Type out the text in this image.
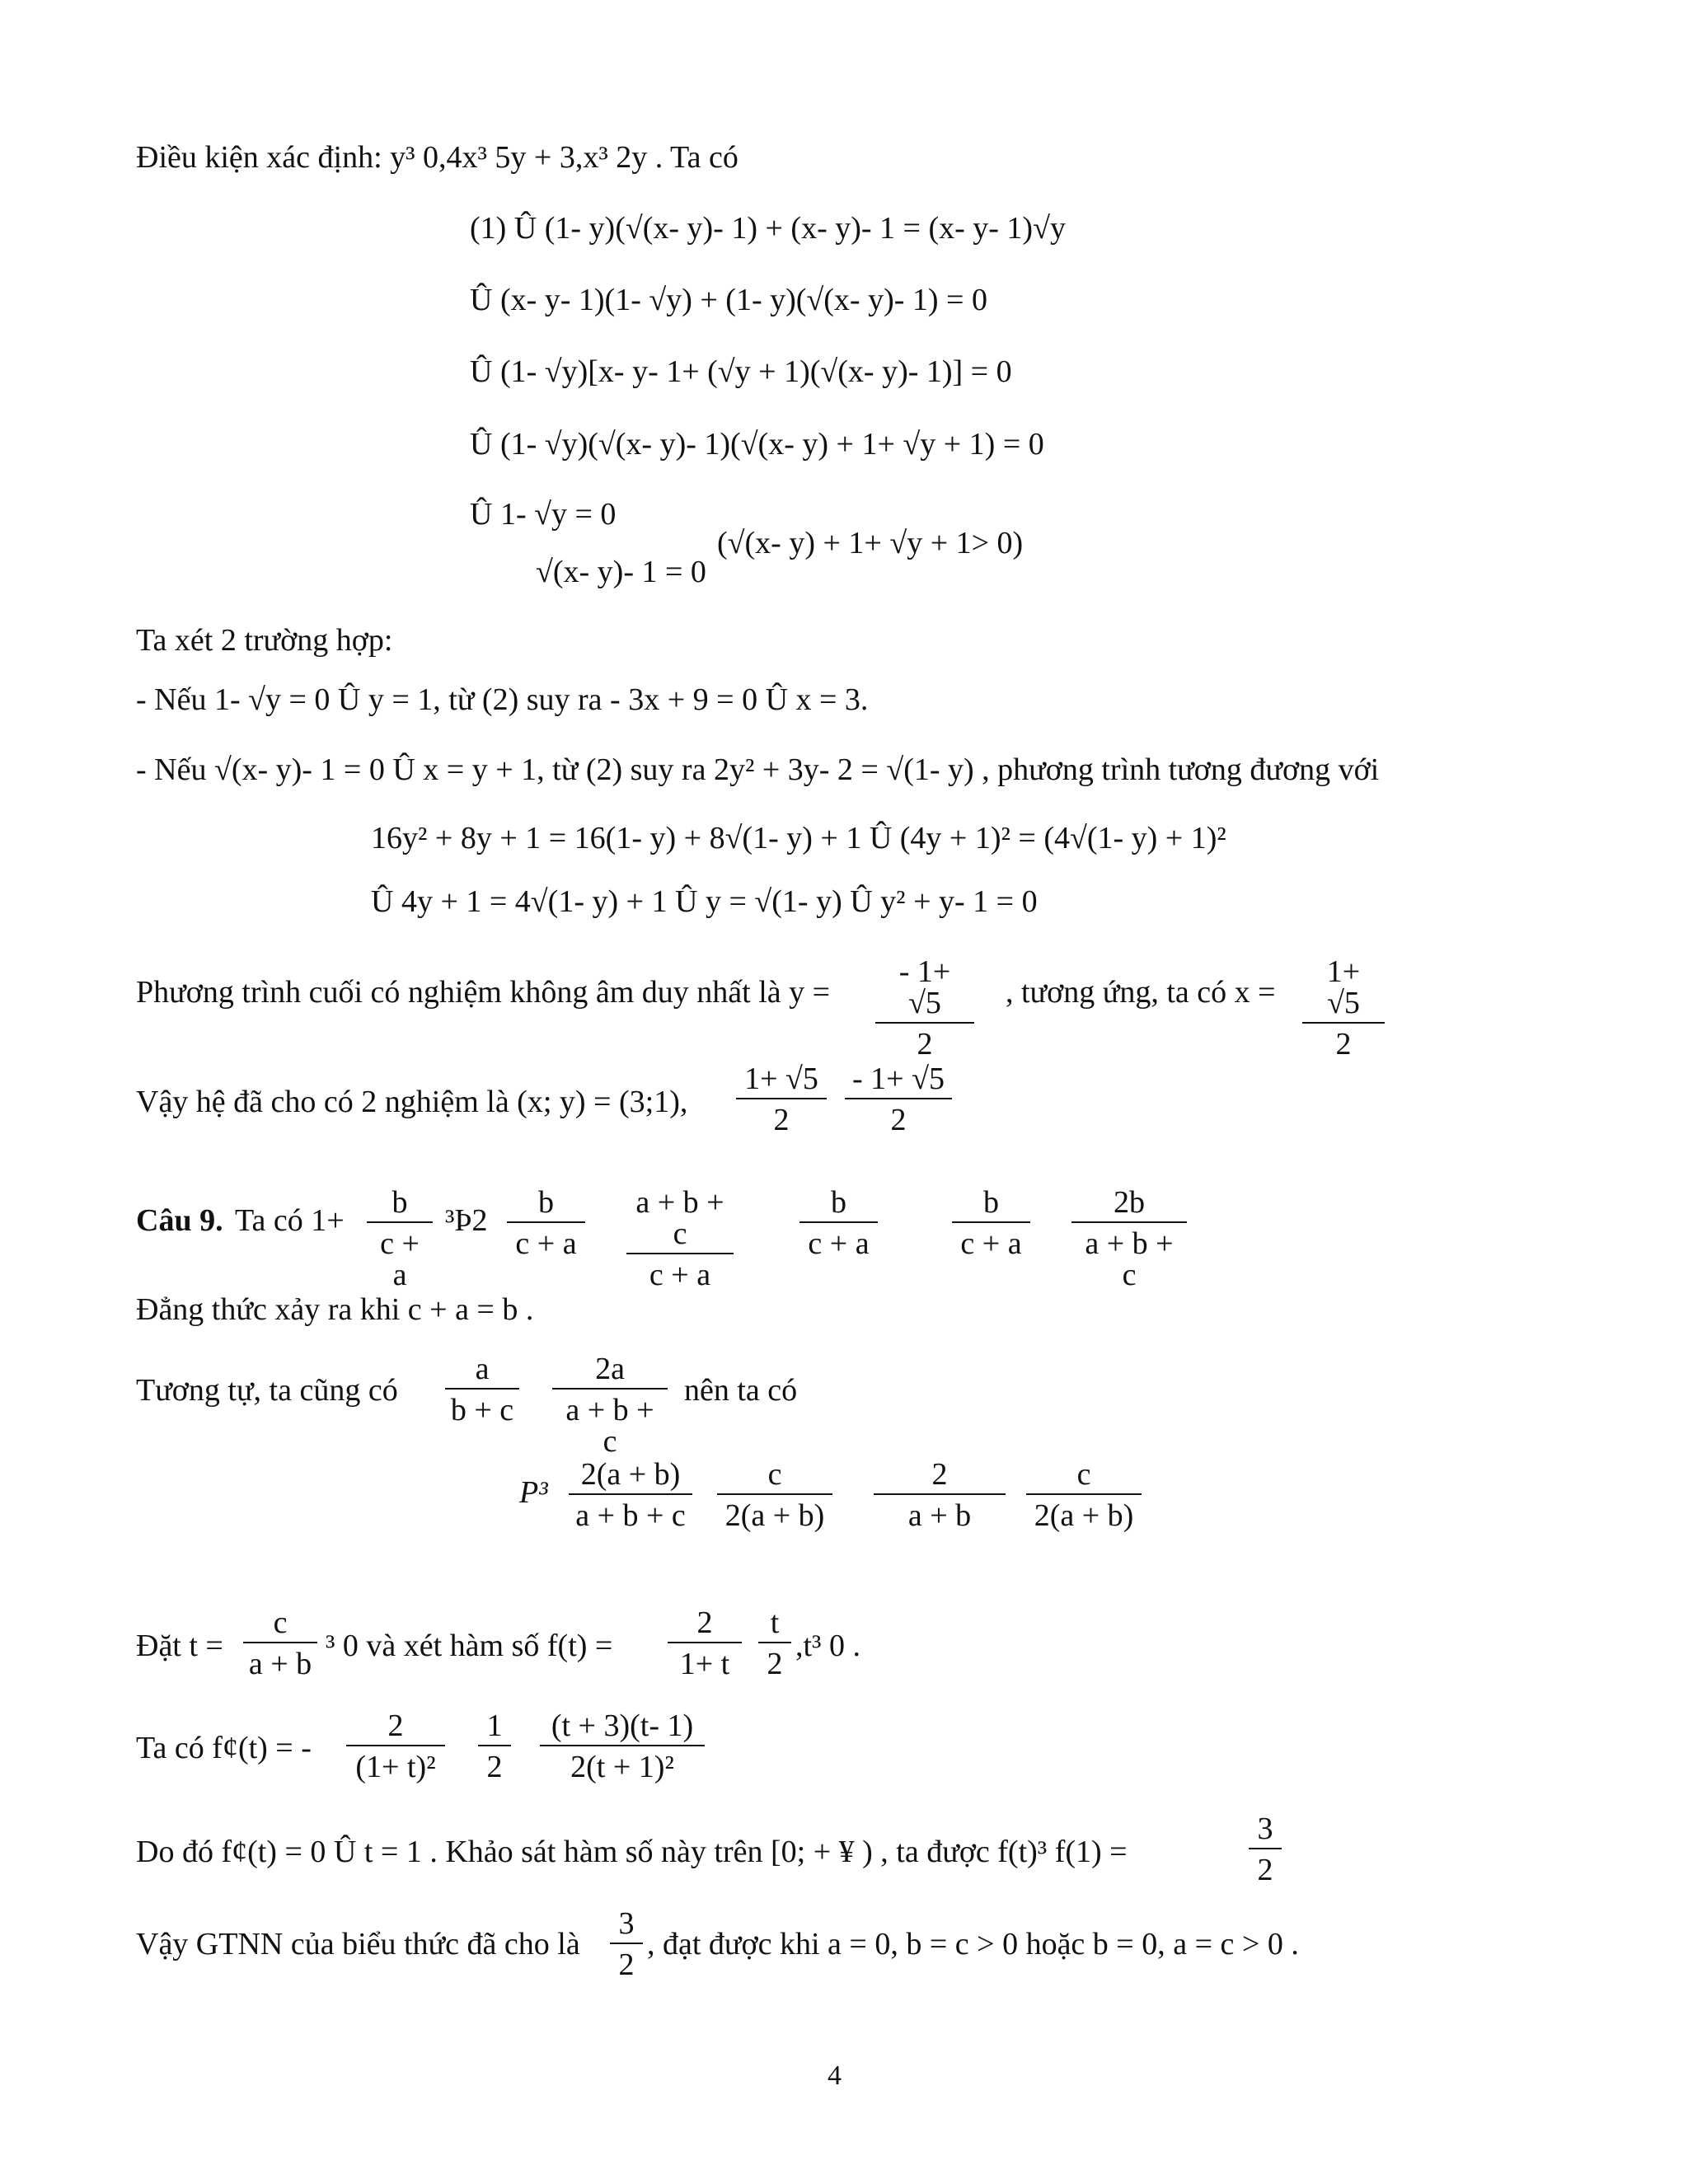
Điều kiện xác định: y³ 0,4x³ 5y + 3,x³ 2y . Ta có
(1) Û (1- y)(√(x- y)- 1) + (x- y)- 1 = (x- y- 1)√y
Û (x- y- 1)(1- √y) + (1- y)(√(x- y)- 1) = 0
Û (1- √y)[x- y- 1+ (√y + 1)(√(x- y)- 1)] = 0
Û (1- √y)(√(x- y)- 1)(√(x- y) + 1+ √y + 1) = 0
Û 1- √y = 0
√(x- y)- 1 = 0
(√(x- y) + 1+ √y + 1> 0)
Ta xét 2 trường hợp:
- Nếu 1- √y = 0 Û y = 1, từ (2) suy ra - 3x + 9 = 0 Û x = 3.
- Nếu √(x- y)- 1 = 0 Û x = y + 1, từ (2) suy ra 2y² + 3y- 2 = √(1- y) , phương trình tương đương với
16y² + 8y + 1 = 16(1- y) + 8√(1- y) + 1 Û (4y + 1)² = (4√(1- y) + 1)²
Û 4y + 1 = 4√(1- y) + 1 Û y = √(1- y) Û y² + y- 1 = 0
Phương trình cuối có nghiệm không âm duy nhất là $y = \frac{- 1+ √5}{2}$ , tương ứng, ta có $x = \frac{1+ √5}{2}$
Vậy hệ đã cho có 2 nghiệm là (x; y) = (3;1), $\frac{1+ √5}{2} \frac{- 1+ √5}{2}$
Câu 9. Ta có $1+ \frac{b}{c + a}$ ³Þ2 $\frac{b}{c + a} \frac{a + b + c}{c + a} \frac{b}{c + a} \frac{b}{c + a} \frac{2b}{a + b + c}$
Đẳng thức xảy ra khi c + a = b .
Tương tự, ta cũng có $\frac{a}{b + c} \frac{2a}{a + b + c}$ nên ta có
$P^3 \frac{2(a + b)}{a + b + c} \frac{c}{2(a + b)} \frac{2}{a + b} \frac{c}{2(a + b)}$
Đặt $t = \frac{c}{a + b} ^3$ 0 và xét hàm số $f(t) = \frac{2}{1+ t} \frac{t}{2} ,t^3$ 0 .
Ta có f¢(t) = - $\frac{2}{\text{(1+ t)²}} \frac{1}{2} \frac{(t + 3)(t- 1)}{\text{2(t + 1)²}}$
Do đó f¢(t) = 0 Û t = 1 . Khảo sát hàm số này trên [0; + ¥ ) , ta được f(t)³ f(1) =	$\frac{3}{2}$
Vậy GTNN của biểu thức đã cho là $\frac{3}{2}$ , đạt được khi a = 0, b = c > 0 hoặc b = 0, a = c > 0 .
4
